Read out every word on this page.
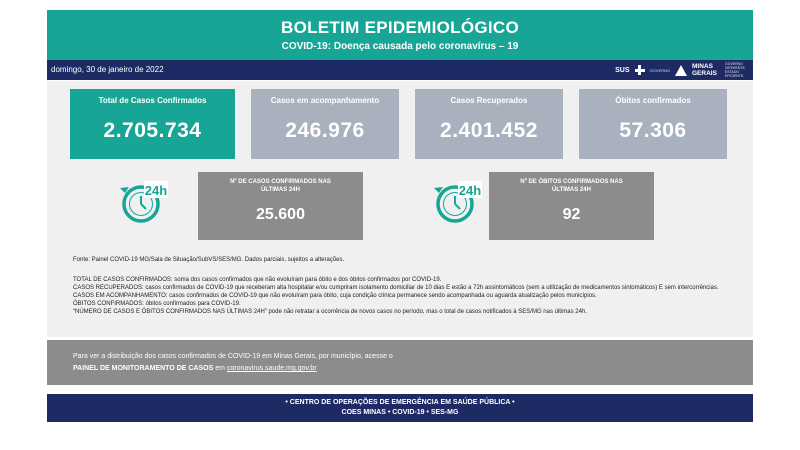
BOLETIM EPIDEMIOLÓGICO
COVID-19: Doença causada pelo coronavírus – 19
domingo, 30 de janeiro de 2022	SUS	GOVERNO	MINAS GERAIS
GOVERNO DIFERENTE. ESTADO EFICIENTE.
Total de Casos Confirmados
2.705.734
Casos em acompanhamento
246.976
Casos Recuperados
2.401.452
Óbitos confirmados
57.306
24h	24h
Nº DE CASOS CONFIRMADOS NAS ÚLTIMAS 24H
25.600
Nº DE ÓBITOS CONFIRMADOS NAS ÚLTIMAS 24H
92
Fonte: Painel COVID-19 MG/Sala de Situação/SubVS/SES/MG. Dados parciais, sujeitos a alterações.

TOTAL DE CASOS CONFIRMADOS: soma dos casos confirmados que não evoluíram para óbito e dos óbitos confirmados por COVID-19.

CASOS RECUPERADOS: casos confirmados de COVID-19 que receberam alta hospitalar e/ou cumpriram isolamento domiciliar de 10 dias E estão a 72h assintomáticos (sem a utilização de medicamentos sintomáticos) E sem intercorrências.

CASOS EM ACOMPANHAMENTO: casos confirmados de COVID-19 que não evoluíram para óbito, cuja condição clínica permanece sendo acompanhada ou aguarda atualização pelos municípios.

ÓBITOS CONFIRMADOS: óbitos confirmados para COVID-19.

“NÚMERO DE CASOS E ÓBITOS CONFIRMADOS NAS ÚLTIMAS 24H” pode não retratar a ocorrência de novos casos no período, mas o total de casos notificados à SES/MG nas últimas 24h.

Para ver a distribuição dos casos confirmados de COVID-19 em Minas Gerais, por município, acesse o
PAINEL DE MONITORAMENTO DE CASOS em coronavirus.saude.mg.gov.br
• CENTRO DE OPERAÇÕES DE EMERGÊNCIA EM SAÚDE PÚBLICA •
COES MINAS • COVID-19 • SES-MG
